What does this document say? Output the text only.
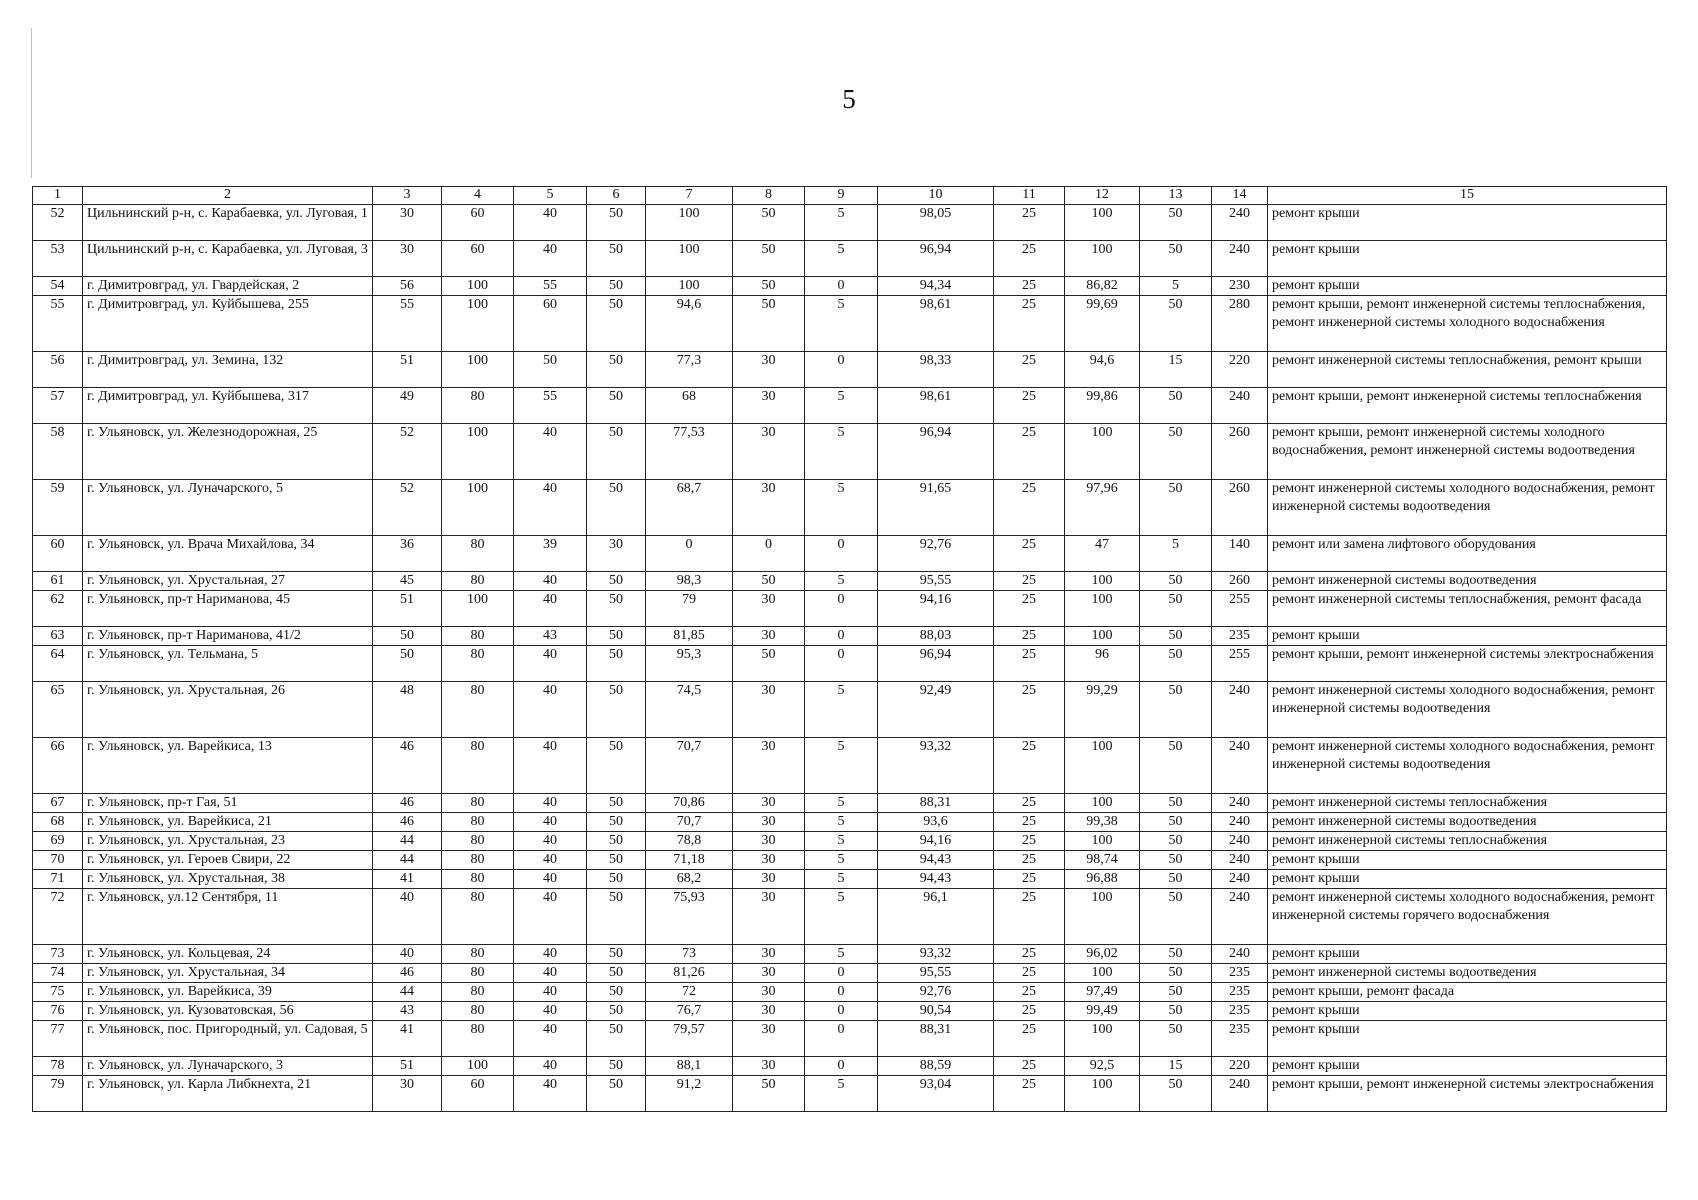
5
1	2	3	4	5	6	7	8	9	10	11	12	13	14	15
52	Цильнинский р-н, с. Карабаевка, ул. Луговая, 1	30	60	40	50	100	50	5	98,05	25	100	50	240	ремонт крыши
53	Цильнинский р-н, с. Карабаевка, ул. Луговая, 3	30	60	40	50	100	50	5	96,94	25	100	50	240	ремонт крыши
54	г. Димитровград, ул. Гвардейская, 2	56	100	55	50	100	50	0	94,34	25	86,82	5	230	ремонт крыши
55	г. Димитровград, ул. Куйбышева, 255	55	100	60	50	94,6	50	5	98,61	25	99,69	50	280	ремонт крыши, ремонт инженерной системы теплоснабжения, ремонт инженерной системы холодного водоснабжения
56	г. Димитровград, ул. Земина, 132	51	100	50	50	77,3	30	0	98,33	25	94,6	15	220	ремонт инженерной системы теплоснабжения, ремонт крыши
57	г. Димитровград, ул. Куйбышева, 317	49	80	55	50	68	30	5	98,61	25	99,86	50	240	ремонт крыши, ремонт инженерной системы теплоснабжения
58	г. Ульяновск, ул. Железнодорожная, 25	52	100	40	50	77,53	30	5	96,94	25	100	50	260	ремонт крыши, ремонт инженерной системы холодного водоснабжения, ремонт инженерной системы водоотведения
59	г. Ульяновск, ул. Луначарского, 5	52	100	40	50	68,7	30	5	91,65	25	97,96	50	260	ремонт инженерной системы холодного водоснабжения, ремонт инженерной системы водоотведения
60	г. Ульяновск, ул. Врача Михайлова, 34	36	80	39	30	0	0	0	92,76	25	47	5	140	ремонт или замена лифтового оборудования
61	г. Ульяновск, ул. Хрустальная, 27	45	80	40	50	98,3	50	5	95,55	25	100	50	260	ремонт инженерной системы водоотведения
62	г. Ульяновск, пр-т Нариманова, 45	51	100	40	50	79	30	0	94,16	25	100	50	255	ремонт инженерной системы теплоснабжения, ремонт фасада
63	г. Ульяновск, пр-т Нариманова, 41/2	50	80	43	50	81,85	30	0	88,03	25	100	50	235	ремонт крыши
64	г. Ульяновск, ул. Тельмана, 5	50	80	40	50	95,3	50	0	96,94	25	96	50	255	ремонт крыши, ремонт инженерной системы электроснабжения
65	г. Ульяновск, ул. Хрустальная, 26	48	80	40	50	74,5	30	5	92,49	25	99,29	50	240	ремонт инженерной системы холодного водоснабжения, ремонт инженерной системы водоотведения
66	г. Ульяновск, ул. Варейкиса, 13	46	80	40	50	70,7	30	5	93,32	25	100	50	240	ремонт инженерной системы холодного водоснабжения, ремонт инженерной системы водоотведения
67	г. Ульяновск, пр-т Гая, 51	46	80	40	50	70,86	30	5	88,31	25	100	50	240	ремонт инженерной системы теплоснабжения
68	г. Ульяновск, ул. Варейкиса, 21	46	80	40	50	70,7	30	5	93,6	25	99,38	50	240	ремонт инженерной системы водоотведения
69	г. Ульяновск, ул. Хрустальная, 23	44	80	40	50	78,8	30	5	94,16	25	100	50	240	ремонт инженерной системы теплоснабжения
70	г. Ульяновск, ул. Героев Свири, 22	44	80	40	50	71,18	30	5	94,43	25	98,74	50	240	ремонт крыши
71	г. Ульяновск, ул. Хрустальная, 38	41	80	40	50	68,2	30	5	94,43	25	96,88	50	240	ремонт крыши
72	г. Ульяновск, ул.12 Сентября, 11	40	80	40	50	75,93	30	5	96,1	25	100	50	240	ремонт инженерной системы холодного водоснабжения, ремонт инженерной системы горячего водоснабжения
73	г. Ульяновск, ул. Кольцевая, 24	40	80	40	50	73	30	5	93,32	25	96,02	50	240	ремонт крыши
74	г. Ульяновск, ул. Хрустальная, 34	46	80	40	50	81,26	30	0	95,55	25	100	50	235	ремонт инженерной системы водоотведения
75	г. Ульяновск, ул. Варейкиса, 39	44	80	40	50	72	30	0	92,76	25	97,49	50	235	ремонт крыши, ремонт фасада
76	г. Ульяновск, ул. Кузоватовская, 56	43	80	40	50	76,7	30	0	90,54	25	99,49	50	235	ремонт крыши
77	г. Ульяновск, пос. Пригородный, ул. Садовая, 5	41	80	40	50	79,57	30	0	88,31	25	100	50	235	ремонт крыши
78	г. Ульяновск, ул. Луначарского, 3	51	100	40	50	88,1	30	0	88,59	25	92,5	15	220	ремонт крыши
79	г. Ульяновск, ул. Карла Либкнехта, 21	30	60	40	50	91,2	50	5	93,04	25	100	50	240	ремонт крыши, ремонт инженерной системы электроснабжения
